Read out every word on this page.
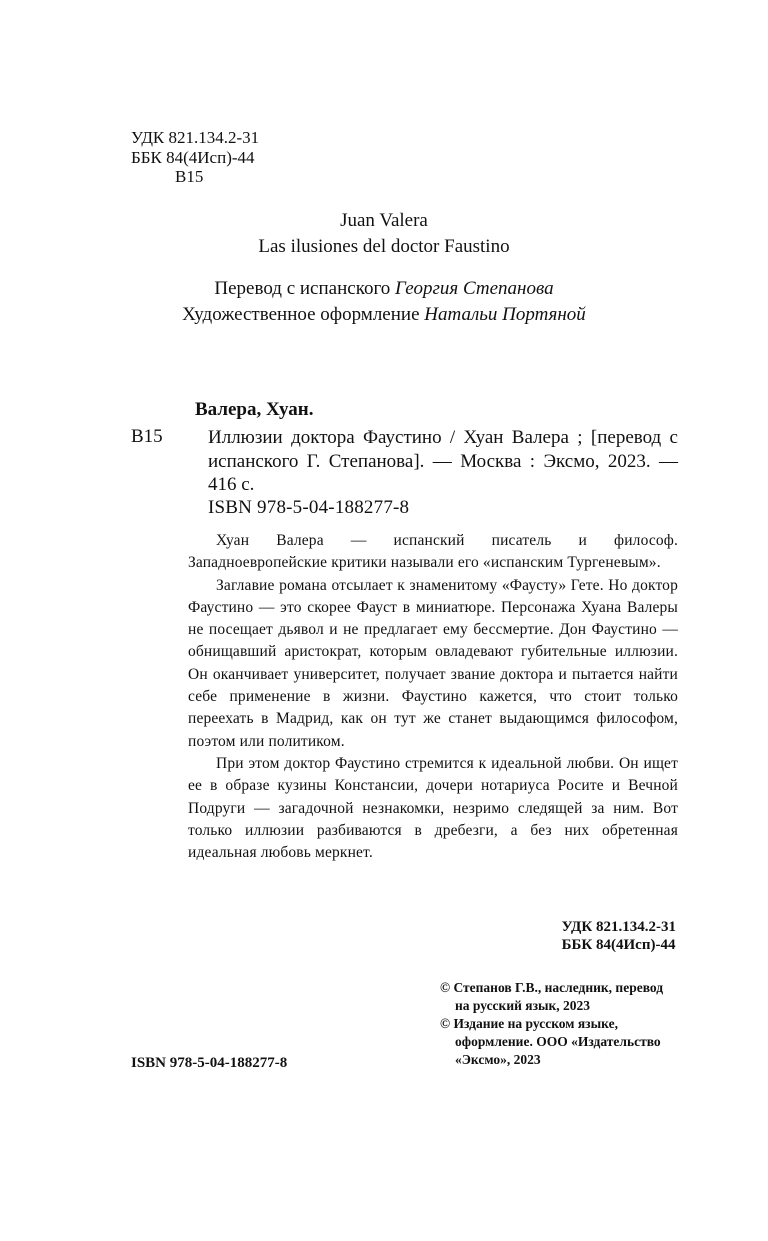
УДК 821.134.2-31
ББК 84(4Исп)-44
В15
Juan Valera
Las ilusiones del doctor Faustino
Перевод с испанского Георгия Степанова
Художественное оформление Натальи Портяной
Валера, Хуан.
В15 Иллюзии доктора Фаустино / Хуан Валера ; [перевод с испанского Г. Степанова]. — Москва : Эксмо, 2023. — 416 с.
ISBN 978-5-04-188277-8

Хуан Валера — испанский писатель и философ. Западноевропейские критики называли его «испанским Тургеневым».

Заглавие романа отсылает к знаменитому «Фаусту» Гете. Но доктор Фаустино — это скорее Фауст в миниатюре. Персонажа Хуана Валеры не посещает дьявол и не предлагает ему бессмертие. Дон Фаустино — обнищавший аристократ, которым овладевают губительные иллюзии. Он оканчивает университет, получает звание доктора и пытается найти себе применение в жизни. Фаустино кажется, что стоит только переехать в Мадрид, как он тут же станет выдающимся философом, поэтом или политиком.

При этом доктор Фаустино стремится к идеальной любви. Он ищет ее в образе кузины Констансии, дочери нотариуса Росите и Вечной Подруги — загадочной незнакомки, незримо следящей за ним. Вот только иллюзии разбиваются в дребезги, а без них обретенная идеальная любовь меркнет.

УДК 821.134.2-31
ББК 84(4Исп)-44
© Степанов Г.В., наследник, перевод на русский язык, 2023
© Издание на русском языке, оформление. ООО «Издательство «Эксмо», 2023
ISBN 978-5-04-188277-8
